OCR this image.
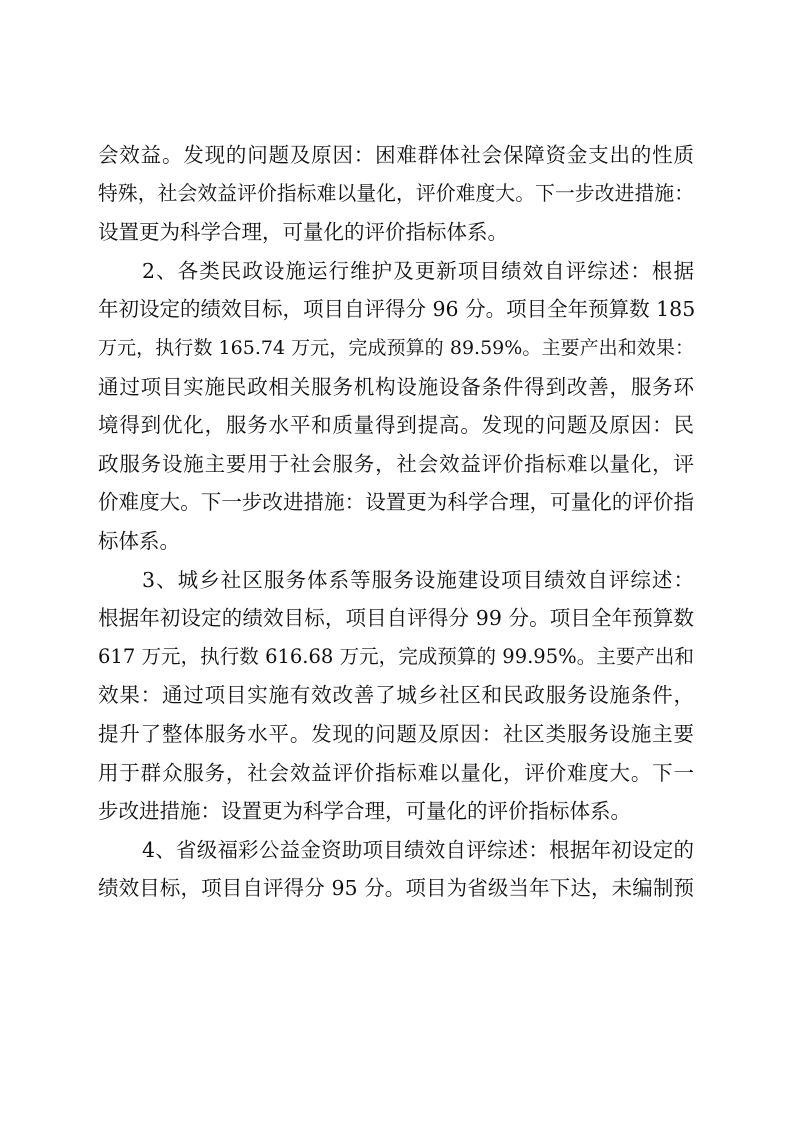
会效益。发现的问题及原因：困难群体社会保障资金支出的性质
特殊，社会效益评价指标难以量化，评价难度大。下一步改进措施：
设置更为科学合理，可量化的评价指标体系。
2、各类民政设施运行维护及更新项目绩效自评综述：根据
年初设定的绩效目标，项目自评得分 96 分。项目全年预算数 185
万元，执行数 165.74 万元，完成预算的 89.59%。主要产出和效果：
通过项目实施民政相关服务机构设施设备条件得到改善，服务环
境得到优化，服务水平和质量得到提高。发现的问题及原因：民
政服务设施主要用于社会服务，社会效益评价指标难以量化，评
价难度大。下一步改进措施：设置更为科学合理，可量化的评价指
标体系。
3、城乡社区服务体系等服务设施建设项目绩效自评综述：
根据年初设定的绩效目标，项目自评得分 99 分。项目全年预算数
617 万元，执行数 616.68 万元，完成预算的 99.95%。主要产出和
效果：通过项目实施有效改善了城乡社区和民政服务设施条件，
提升了整体服务水平。发现的问题及原因：社区类服务设施主要
用于群众服务，社会效益评价指标难以量化，评价难度大。下一
步改进措施：设置更为科学合理，可量化的评价指标体系。
4、省级福彩公益金资助项目绩效自评综述：根据年初设定的
绩效目标，项目自评得分 95 分。项目为省级当年下达，未编制预
